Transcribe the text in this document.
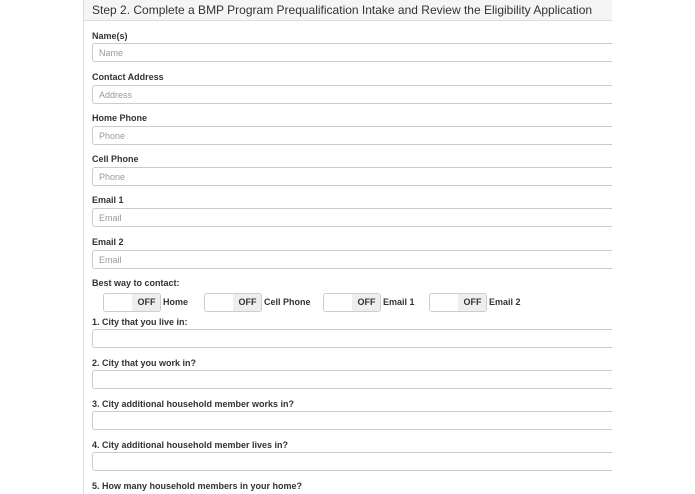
Step 2. Complete a BMP Program Prequalification Intake and Review the Eligibility Application
Name(s)
Name
Contact Address
Address
Home Phone
Phone
Cell Phone
Phone
Email 1
Email
Email 2
Email
Best way to contact:
OFF Home	OFF Cell Phone	OFF Email 1	OFF Email 2
1. City that you live in:
2. City that you work in?
3. City additional household member works in?
4. City additional household member lives in?
5. How many household members in your home?
